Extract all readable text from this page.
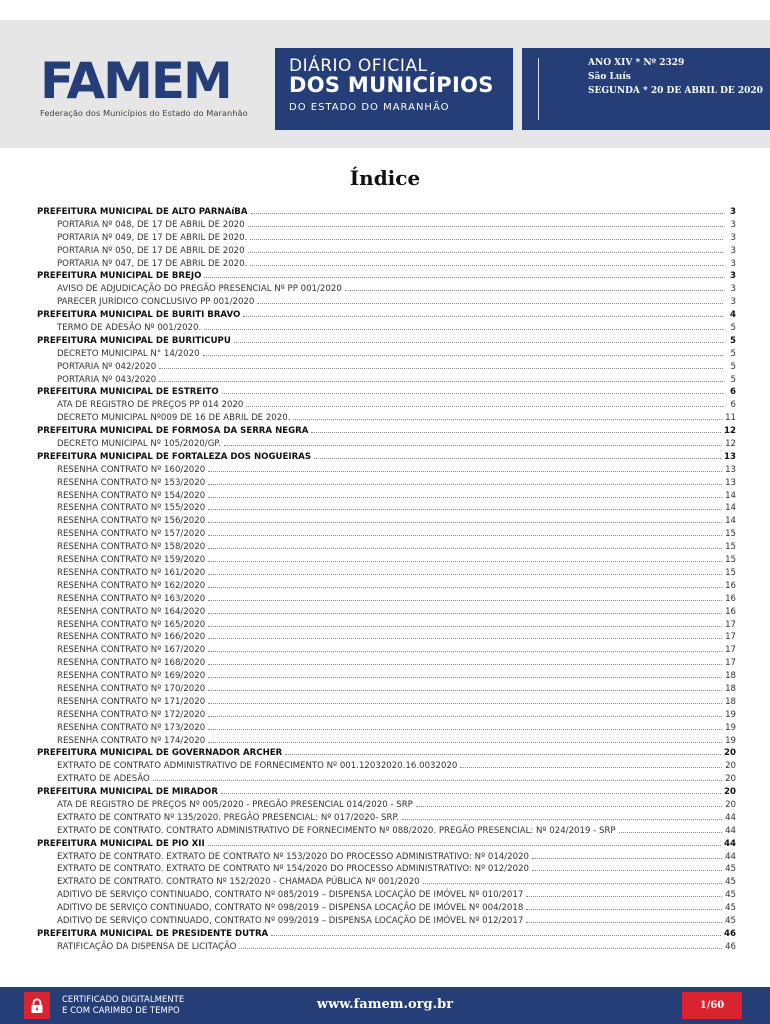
FAMEM
Federação dos Municípios do Estado do Maranhão
DIÁRIO OFICIAL
DOS MUNICÍPIOS
DO ESTADO DO MARANHÃO
ANO XIV * Nº 2329
São Luís
SEGUNDA * 20 DE ABRIL DE 2020
Índice
PREFEITURA MUNICIPAL DE ALTO PARNAíBA	3
PORTARIA Nº 048, DE 17 DE ABRIL DE 2020	3
PORTARIA Nº 049, DE 17 DE ABRIL DE 2020.	3
PORTARIA Nº 050, DE 17 DE ABRIL DE 2020	3
PORTARIA Nº 047, DE 17 DE ABRIL DE 2020.	3
PREFEITURA MUNICIPAL DE BREJO	3
AVISO DE ADJUDICAÇÃO DO PREGÃO PRESENCIAL Nº PP 001/2020	3
PARECER JURÍDICO CONCLUSIVO PP 001/2020	3
PREFEITURA MUNICIPAL DE BURITI BRAVO	4
TERMO DE ADESÃO Nº 001/2020.	5
PREFEITURA MUNICIPAL DE BURITICUPU	5
DECRETO MUNICIPAL N° 14/2020	5
PORTARIA Nº 042/2020	5
PORTARIA Nº 043/2020	5
PREFEITURA MUNICIPAL DE ESTREITO	6
ATA DE REGISTRO DE PREÇOS PP 014 2020	6
DECRETO MUNICIPAL Nº009 DE 16 DE ABRIL DE 2020.	11
PREFEITURA MUNICIPAL DE FORMOSA DA SERRA NEGRA	12
DECRETO MUNICIPAL Nº 105/2020/GP.	12
PREFEITURA MUNICIPAL DE FORTALEZA DOS NOGUEIRAS	13
RESENHA CONTRATO Nº 160/2020	13
RESENHA CONTRATO Nº 153/2020	13
RESENHA CONTRATO Nº 154/2020	14
RESENHA CONTRATO Nº 155/2020	14
RESENHA CONTRATO Nº 156/2020	14
RESENHA CONTRATO Nº 157/2020	15
RESENHA CONTRATO Nº 158/2020	15
RESENHA CONTRATO Nº 159/2020	15
RESENHA CONTRATO Nº 161/2020	15
RESENHA CONTRATO Nº 162/2020	16
RESENHA CONTRATO Nº 163/2020	16
RESENHA CONTRATO Nº 164/2020	16
RESENHA CONTRATO Nº 165/2020	17
RESENHA CONTRATO Nº 166/2020	17
RESENHA CONTRATO Nº 167/2020	17
RESENHA CONTRATO Nº 168/2020	17
RESENHA CONTRATO Nº 169/2020	18
RESENHA CONTRATO Nº 170/2020	18
RESENHA CONTRATO Nº 171/2020	18
RESENHA CONTRATO Nº 172/2020	19
RESENHA CONTRATO Nº 173/2020	19
RESENHA CONTRATO Nº 174/2020	19
PREFEITURA MUNICIPAL DE GOVERNADOR ARCHER	20
EXTRATO DE CONTRATO ADMINISTRATIVO DE FORNECIMENTO Nº 001.12032020.16.0032020	20
EXTRATO DE ADESÃO	20
PREFEITURA MUNICIPAL DE MIRADOR	20
ATA DE REGISTRO DE PREÇOS Nº 005/2020 - PREGÃO PRESENCIAL 014/2020 - SRP	20
EXTRATO DE CONTRATO Nº 135/2020. PREGÃO PRESENCIAL: Nº 017/2020- SRP.	44
EXTRATO DE CONTRATO. CONTRATO ADMINISTRATIVO DE FORNECIMENTO Nº 088/2020. PREGÃO PRESENCIAL: Nº 024/2019 - SRP	44
PREFEITURA MUNICIPAL DE PIO XII	44
EXTRATO DE CONTRATO. EXTRATO DE CONTRATO Nº 153/2020 DO PROCESSO ADMINISTRATIVO: Nº 014/2020	44
EXTRATO DE CONTRATO. EXTRATO DE CONTRATO Nº 154/2020 DO PROCESSO ADMINISTRATIVO: Nº 012/2020	45
EXTRATO DE CONTRATO. CONTRATO Nº 152/2020 - CHAMADA PÚBLICA Nº 001/2020	45
ADITIVO DE SERVIÇO CONTINUADO, CONTRATO Nº 085/2019 – DISPENSA LOCAÇÃO DE IMÓVEL Nº 010/2017	45
ADITIVO DE SERVIÇO CONTINUADO, CONTRATO Nº 098/2019 – DISPENSA LOCAÇÃO DE IMÓVEL Nº 004/2018	45
ADITIVO DE SERVIÇO CONTINUADO, CONTRATO Nº 099/2019 – DISPENSA LOCAÇÃO DE IMÓVEL Nº 012/2017	45
PREFEITURA MUNICIPAL DE PRESIDENTE DUTRA	46
RATIFICAÇÃO DA DISPENSA DE LICITAÇÃO	46
CERTIFICADO DIGITALMENTE
E COM CARIMBO DE TEMPO	www.famem.org.br	1/60
